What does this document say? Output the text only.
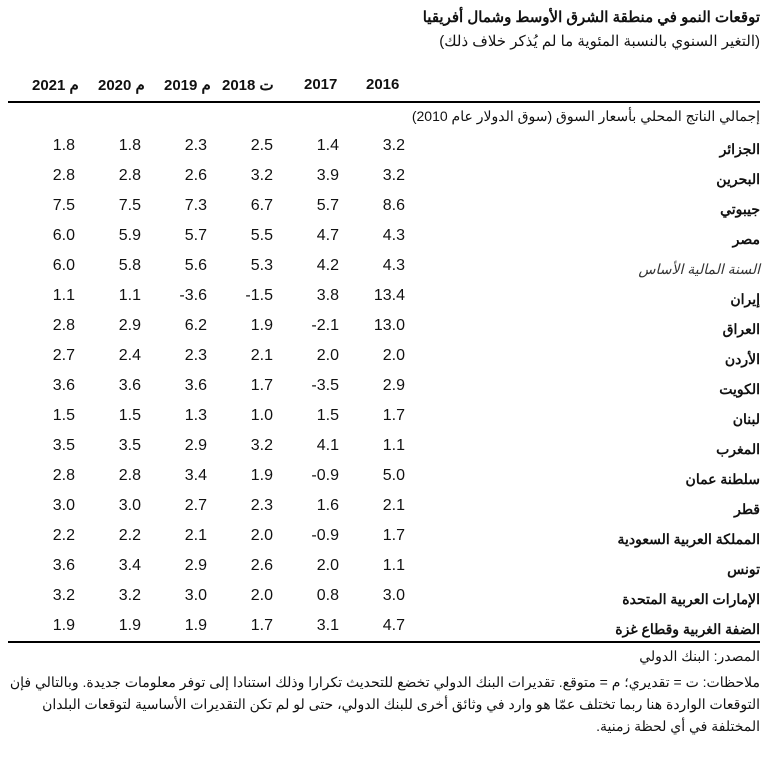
توقعات النمو في منطقة الشرق الأوسط وشمال أفريقيا
(التغير السنوي بالنسبة المئوية ما لم يُذكر خلاف ذلك)
2021 م 2020 م 2019 م 2018 ت 2017 2016
إجمالي الناتج المحلي بأسعار السوق (سوق الدولار عام 2010)
1.8	1.8	2.3	2.5	1.4	3.2	الجزائر
2.8	2.8	2.6	3.2	3.9	3.2	البحرين
7.5	7.5	7.3	6.7	5.7	8.6	جيبوتي
6.0	5.9	5.7	5.5	4.7	4.3	مصر
6.0	5.8	5.6	5.3	4.2	4.3	السنة المالية الأساس
1.1	1.1	-3.6	-1.5	3.8	13.4	إيران
2.8	2.9	6.2	1.9	-2.1	13.0	العراق
2.7	2.4	2.3	2.1	2.0	2.0	الأردن
3.6	3.6	3.6	1.7	-3.5	2.9	الكويت
1.5	1.5	1.3	1.0	1.5	1.7	لبنان
3.5	3.5	2.9	3.2	4.1	1.1	المغرب
2.8	2.8	3.4	1.9	-0.9	5.0	سلطنة عمان
3.0	3.0	2.7	2.3	1.6	2.1	قطر
2.2	2.2	2.1	2.0	-0.9	1.7	المملكة العربية السعودية
3.6	3.4	2.9	2.6	2.0	1.1	تونس
3.2	3.2	3.0	2.0	0.8	3.0	الإمارات العربية المتحدة
1.9	1.9	1.9	1.7	3.1	4.7	الضفة الغربية وقطاع غزة
المصدر: البنك الدولي
ملاحظات: ت = تقديري؛ م = متوقع. تقديرات البنك الدولي تخضع للتحديث تكرارا وذلك استنادا إلى توفر معلومات جديدة. وبالتالي فإن التوقعات الواردة هنا ربما تختلف عمّا هو وارد في وثائق أخرى للبنك الدولي، حتى لو لم تكن التقديرات الأساسية لتوقعات البلدان المختلفة في أي لحظة زمنية.
